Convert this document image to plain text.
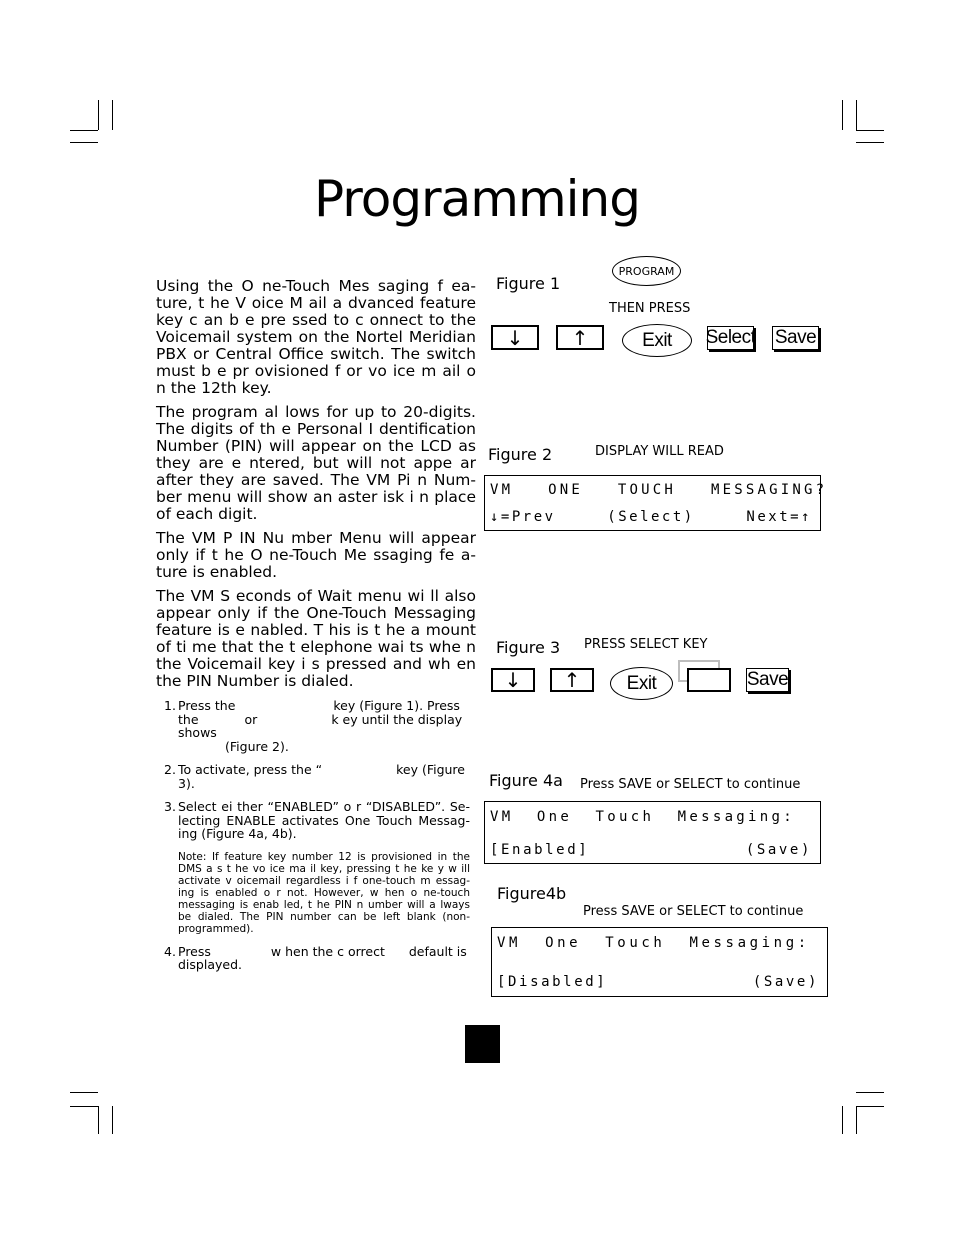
Programming

Using the O ne-Touch Mes saging f ea-ture, t he V oice M ail a dvanced feature key c an b e pre ssed to c onnect to the Voicemail system on the Nortel Meridian PBX or Central Office switch. The switch must b e pr ovisioned f or vo ice m ail o n the 12th key.

The program al lows for up to 20-digits. The digits of th e Personal I dentification Number (PIN) will appear on the LCD as they are e ntered, but will not appe ar after they are saved. The VM Pi n Num-ber menu will show an aster isk i n place of each digit.

The VM P IN Nu mber Menu will appear only if t he O ne-Touch Me ssaging fe a-ture is enabled.

The VM S econds of Wait menu wi ll also appear only if the One-Touch Messaging feature is e nabled. T his is t he a mount of ti me that the t elephone wai ts whe n the Voicemail key i s pressed and wh en the PIN Number is dialed.

1. Press the	key (Figure 1). Press
the	or	k ey until the display
shows
(Figure 2).
2. To activate, press the “	key (Figure
3).
3. Select ei ther “ENABLED” o r “DISABLED”. Se-lecting ENABLE activates One Touch Messag-ing (Figure 4a, 4b).
Note: If feature key number 12 is provisioned in the DMS a s t he vo ice ma il key, pressing t he ke y w ill activate v oicemail regardless i f one-touch m essag-ing is enabled o r not. However, w hen o ne-touch messaging is enab led, t he PIN n umber will a lways be dialed. The PIN number can be left blank (non-programmed).
4. Press	w hen the c orrect default is
displayed.
Figure 1
PROGRAM
THEN PRESS
↓	↑	Exit	Select Save
Figure 2	DISPLAY WILL READ
VM   ONE   TOUCH   MESSAGING?
↓=Prev	(Select)	Next=↑
Figure 3 PRESS SELECT KEY
↓	↑	Exit	Save
Figure 4a Press SAVE or SELECT to continue
VM  One  Touch  Messaging:
[Enabled]	(Save)
Figure4b
Press SAVE or SELECT to continue
VM  One  Touch  Messaging:
[Disabled]	(Save)
